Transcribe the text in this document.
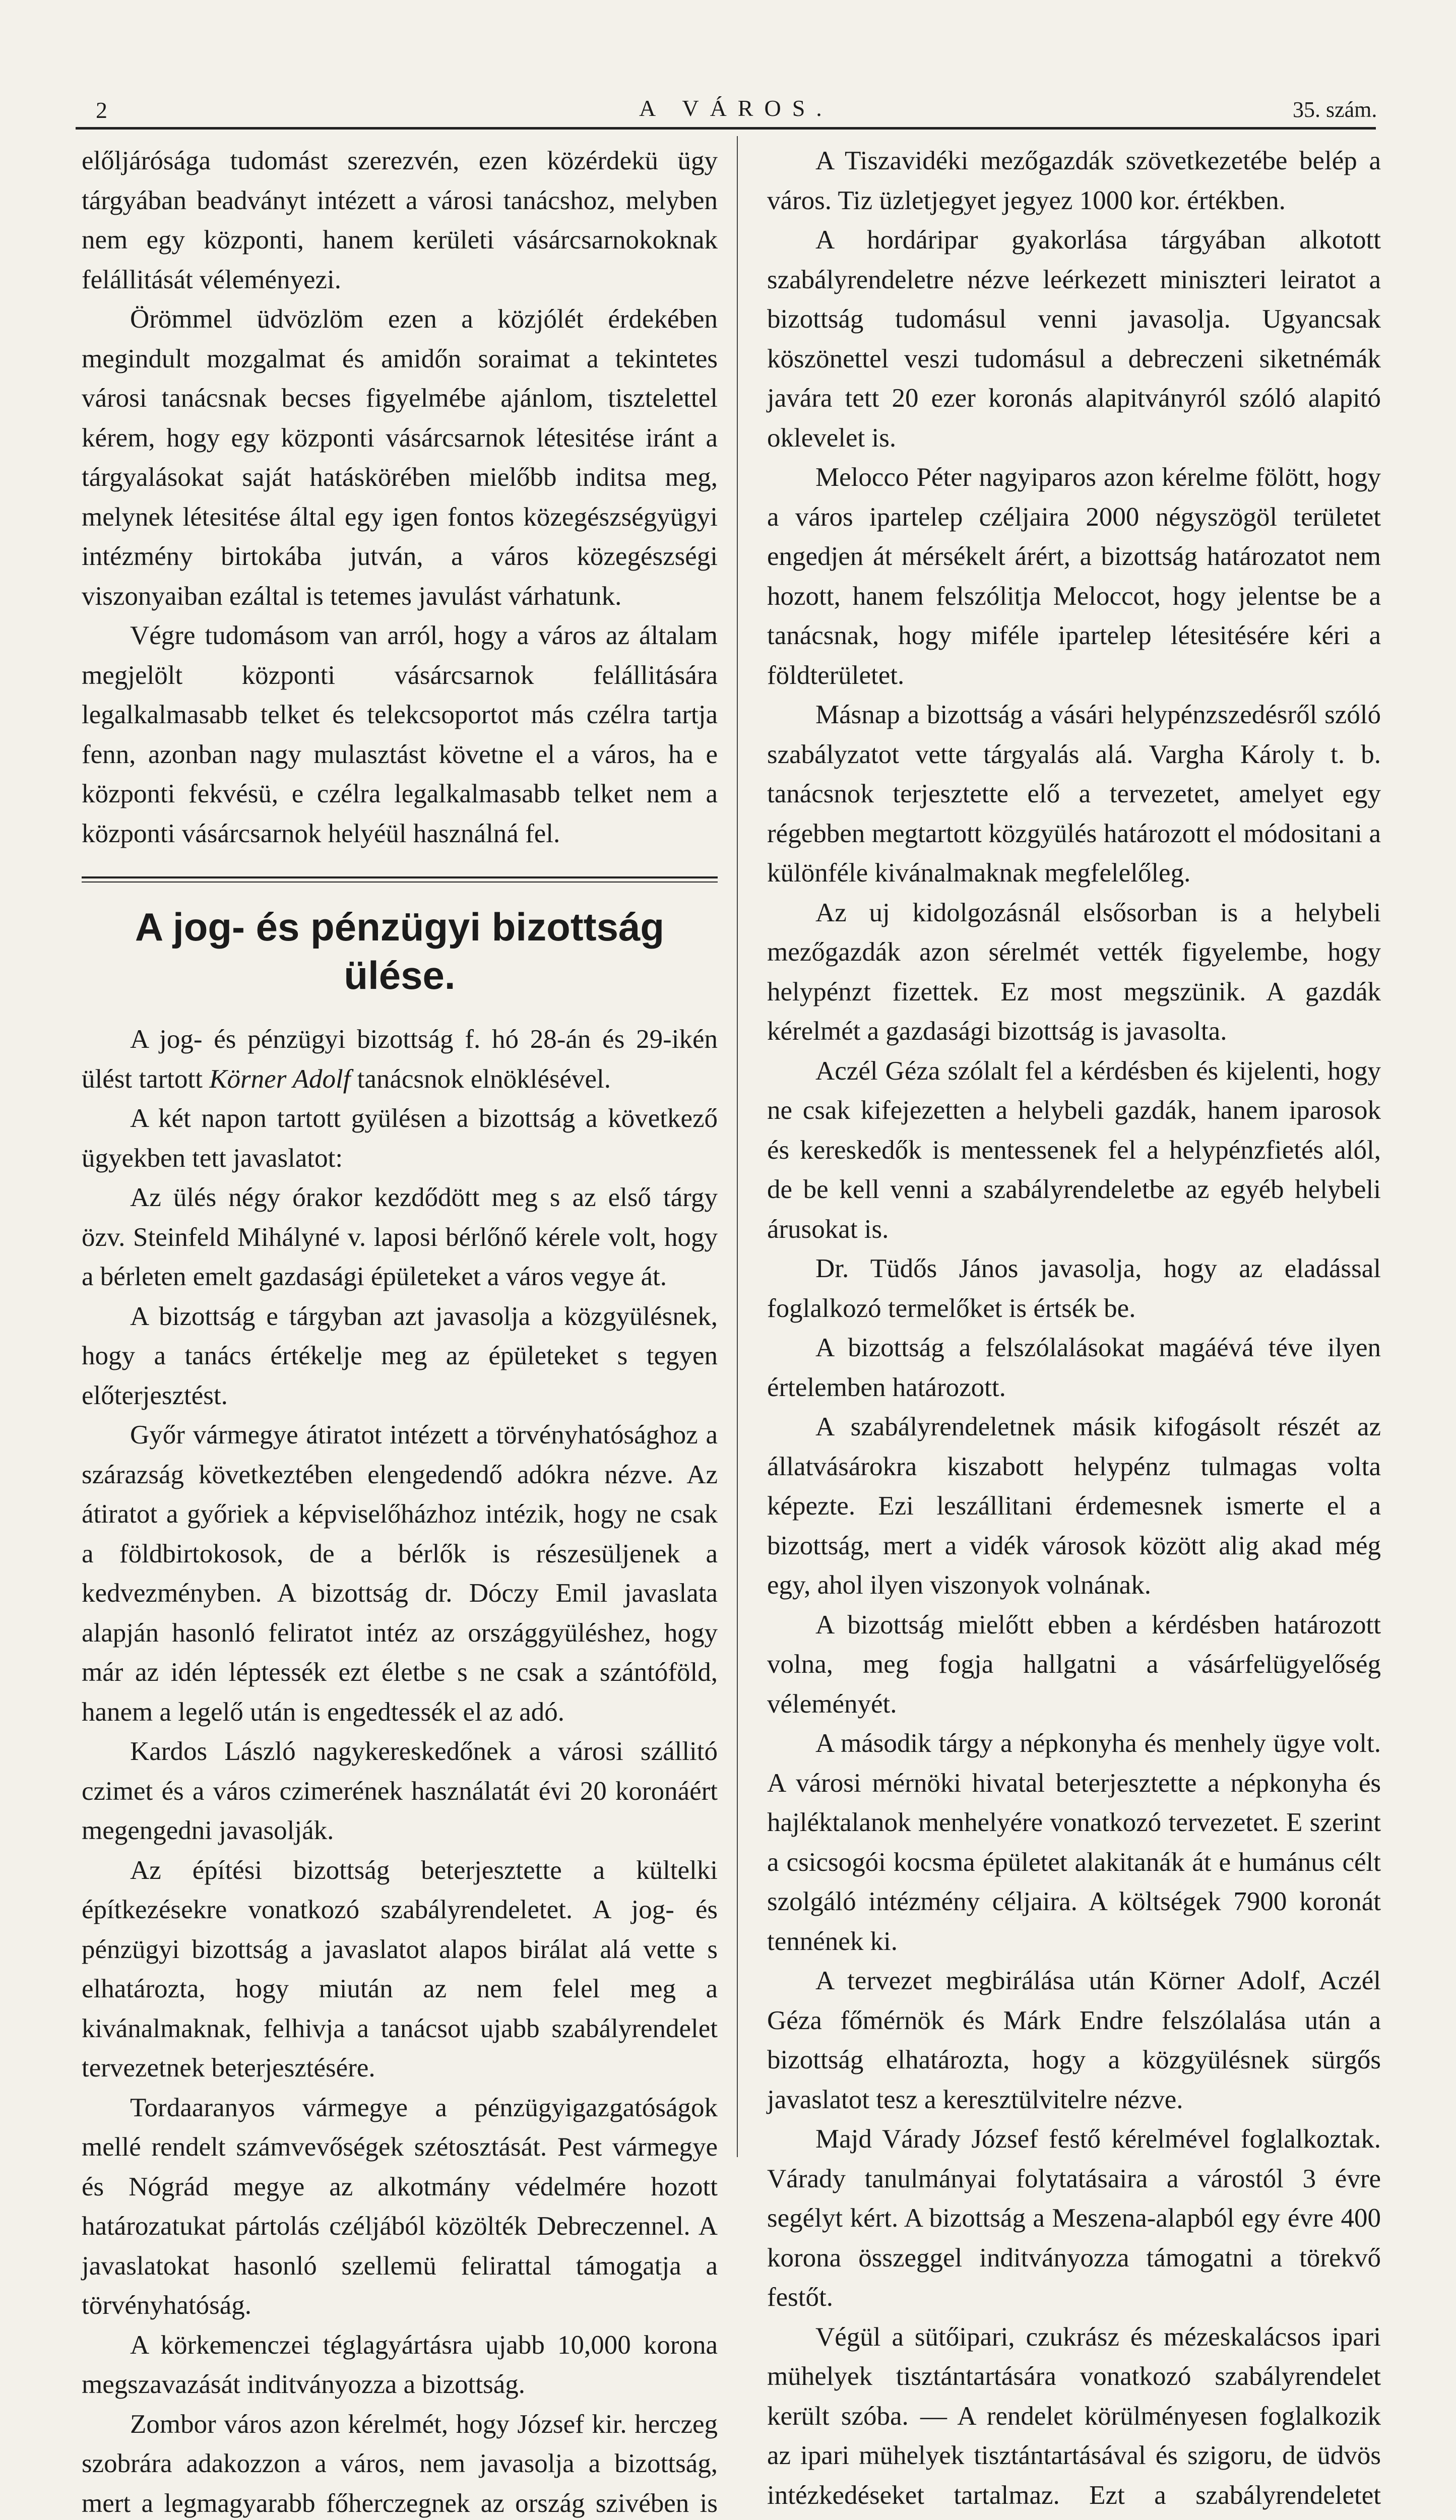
2	A VÁROS.	35. szám.

előljárósága tudomást szerezvén, ezen közérdekü ügy tárgyában beadványt intézett a városi tanácshoz, melyben nem egy központi, hanem kerületi vásárcsarnokoknak felállitását véleményezi.

Örömmel üdvözlöm ezen a közjólét érdekében megindult mozgalmat és amidőn soraimat a tekintetes városi tanácsnak becses figyelmébe ajánlom, tisztelettel kérem, hogy egy központi vásárcsarnok létesitése iránt a tárgyalásokat saját hatáskörében mielőbb inditsa meg, melynek létesitése által egy igen fontos közegészségyügyi intézmény birtokába jutván, a város közegészségi viszonyaiban ezáltal is tetemes javulást várhatunk.

Végre tudomásom van arról, hogy a város az általam megjelölt központi vásárcsarnok felállitására legalkalmasabb telket és telekcsoportot más czélra tartja fenn, azonban nagy mulasztást követne el a város, ha e központi fekvésü, e czélra legalkalmasabb telket nem a központi vásárcsarnok helyéül használná fel.

A jog- és pénzügyi bizottság ülése.

A jog- és pénzügyi bizottság f. hó 28-án és 29-ikén ülést tartott Körner Adolf tanácsnok elnöklésével.

A két napon tartott gyülésen a bizottság a következő ügyekben tett javaslatot:

Az ülés négy órakor kezdődött meg s az első tárgy özv. Steinfeld Mihályné v. laposi bérlőnő kérele volt, hogy a bérleten emelt gazdasági épületeket a város vegye át.

A bizottság e tárgyban azt javasolja a közgyülésnek, hogy a tanács értékelje meg az épületeket s tegyen előterjesztést.

Győr vármegye átiratot intézett a törvényhatósághoz a szárazság következtében elengedendő adókra nézve. Az átiratot a győriek a képviselőházhoz intézik, hogy ne csak a földbirtokosok, de a bérlők is részesüljenek a kedvezményben. A bizottság dr. Dóczy Emil javaslata alapján hasonló feliratot intéz az országgyüléshez, hogy már az idén léptessék ezt életbe s ne csak a szántóföld, hanem a legelő után is engedtessék el az adó.

Kardos László nagykereskedőnek a városi szállitó czimet és a város czimerének használatát évi 20 koronáért megengedni javasolják.

Az építési bizottság beterjesztette a kültelki építkezésekre vonatkozó szabályrendeletet. A jog- és pénzügyi bizottság a javaslatot alapos birálat alá vette s elhatározta, hogy miután az nem felel meg a kivánalmaknak, felhivja a tanácsot ujabb szabályrendelet tervezetnek beterjesztésére.

Tordaaranyos vármegye a pénzügyigazgatóságok mellé rendelt számvevőségek szétosztását. Pest vármegye és Nógrád megye az alkotmány védelmére hozott határozatukat pártolás czéljából közölték Debreczennel. A javaslatokat hasonló szellemü felirattal támogatja a törvényhatóság.

A körkemenczei téglagyártásra ujabb 10,000 korona megszavazását inditványozza a bizottság.

Zombor város azon kérelmét, hogy József kir. herczeg szobrára adakozzon a város, nem javasolja a bizottság, mert a legmagyarabb főherczegnek az ország szivében is

A Tiszavidéki mezőgazdák szövetkezetébe belép a város. Tiz üzletjegyet jegyez 1000 kor. értékben.

A hordáripar gyakorlása tárgyában alkotott szabályrendeletre nézve leérkezett miniszteri leiratot a bizottság tudomásul venni javasolja. Ugyancsak köszönettel veszi tudomásul a debreczeni siketnémák javára tett 20 ezer koronás alapitványról szóló alapitó oklevelet is.

Melocco Péter nagyiparos azon kérelme fölött, hogy a város ipartelep czéljaira 2000 négyszögöl területet engedjen át mérsékelt árért, a bizottság határozatot nem hozott, hanem felszólitja Meloccot, hogy jelentse be a tanácsnak, hogy miféle ipartelep létesitésére kéri a földterületet.

Másnap a bizottság a vásári helypénzszedésről szóló szabályzatot vette tárgyalás alá. Vargha Károly t. b. tanácsnok terjesztette elő a tervezetet, amelyet egy régebben megtartott közgyülés határozott el módositani a különféle kivánalmaknak megfelelőleg.

Az uj kidolgozásnál elsősorban is a helybeli mezőgazdák azon sérelmét vették figyelembe, hogy helypénzt fizettek. Ez most megszünik. A gazdák kérelmét a gazdasági bizottság is javasolta.

Aczél Géza szólalt fel a kérdésben és kijelenti, hogy ne csak kifejezetten a helybeli gazdák, hanem iparosok és kereskedők is mentessenek fel a helypénzfietés alól, de be kell venni a szabályrendeletbe az egyéb helybeli árusokat is.

Dr. Tüdős János javasolja, hogy az eladással foglalkozó termelőket is értsék be.

A bizottság a felszólalásokat magáévá téve ilyen értelemben határozott.

A szabályrendeletnek másik kifogásolt részét az állatvásárokra kiszabott helypénz tulmagas volta képezte. Ezi leszállitani érdemesnek ismerte el a bizottság, mert a vidék városok között alig akad még egy, ahol ilyen viszonyok volnának.

A bizottság mielőtt ebben a kérdésben határozott volna, meg fogja hallgatni a vásárfelügyelőség véleményét.

A második tárgy a népkonyha és menhely ügye volt. A városi mérnöki hivatal beterjesztette a népkonyha és hajléktalanok menhelyére vonatkozó tervezetet. E szerint a csicsogói kocsma épületet alakitanák át e humánus célt szolgáló intézmény céljaira. A költségek 7900 koronát tennének ki.

A tervezet megbirálása után Körner Adolf, Aczél Géza főmérnök és Márk Endre felszólalása után a bizottság elhatározta, hogy a közgyülésnek sürgős javaslatot tesz a keresztülvitelre nézve.

Majd Várady József festő kérelmével foglalkoztak. Várady tanulmányai folytatásaira a várostól 3 évre segélyt kért. A bizottság a Meszena-alapból egy évre 400 korona összeggel inditványozza támogatni a törekvő festőt.

Végül a sütőipari, czukrász és mézeskalácsos ipari mühelyek tisztántartására vonatkozó szabályrendelet került szóba. — A rendelet körülményesen foglalkozik az ipari mühelyek tisztántartásával és szigoru, de üdvös intézkedéseket tartalmaz. Ezt a szabályrendeletet
